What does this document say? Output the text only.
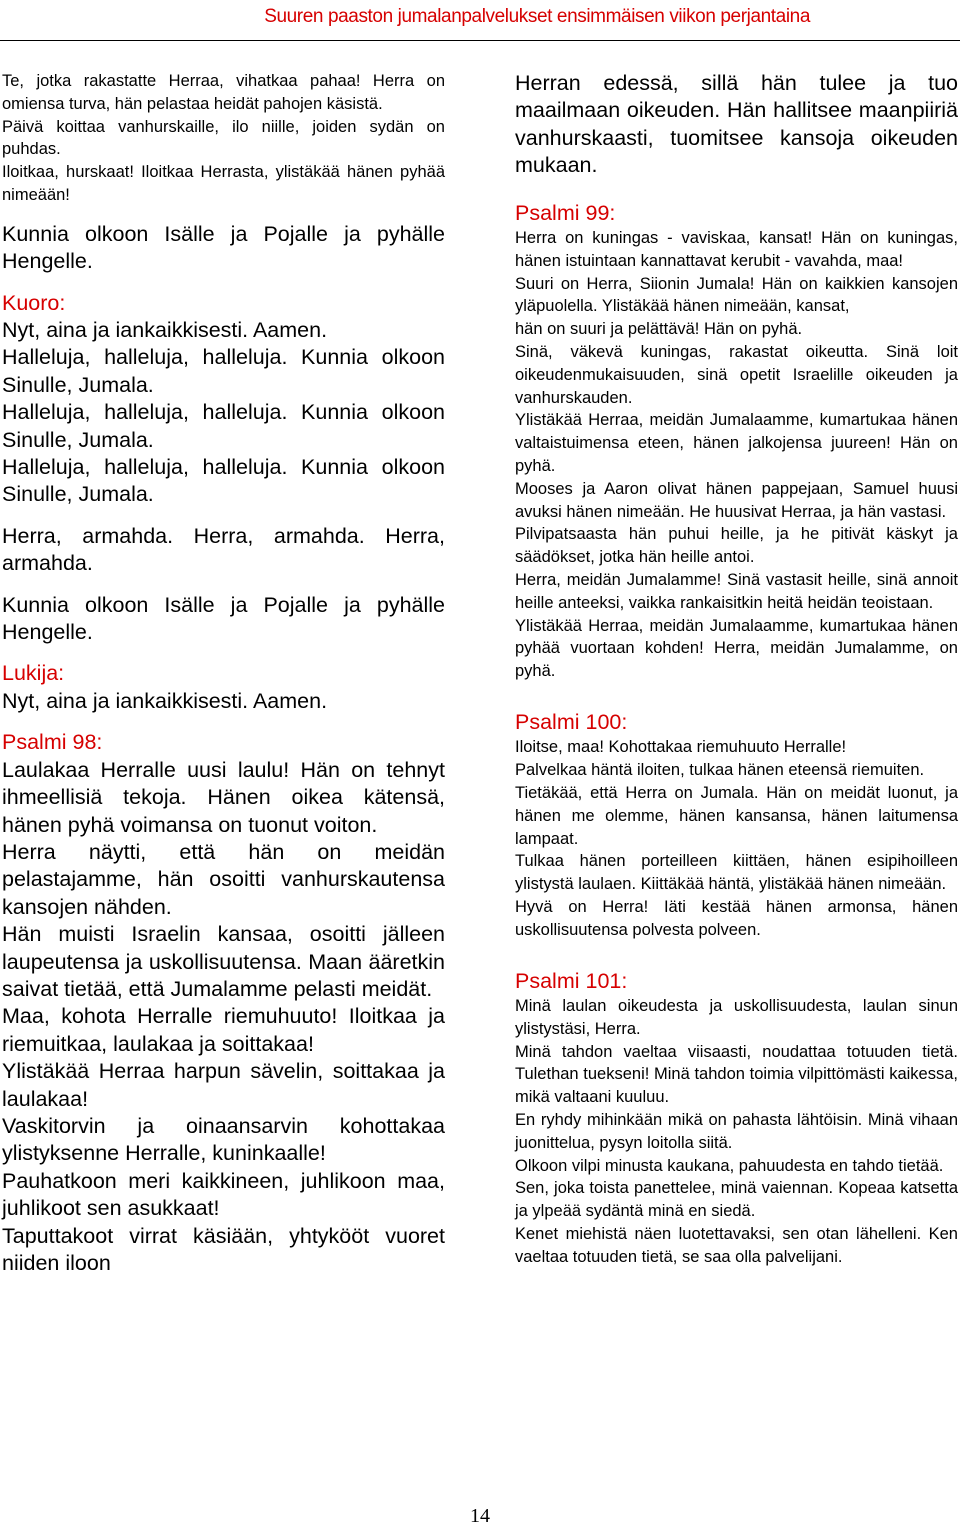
Suuren paaston jumalanpalvelukset ensimmäisen viikon perjantaina

Te, jotka rakastatte Herraa, vihatkaa pahaa! Herra on omiensa turva, hän pelastaa heidät pahojen käsistä.

Päivä koittaa vanhurskaille, ilo niille, joiden sydän on puhdas.

Iloitkaa, hurskaat! Iloitkaa Herrasta, ylistäkää hänen pyhää nimeään!

Kunnia olkoon Isälle ja Pojalle ja pyhälle Hengelle.

Kuoro:

Nyt, aina ja iankaikkisesti. Aamen.

Halleluja, halleluja, halleluja. Kunnia olkoon Sinulle, Jumala.

Halleluja, halleluja, halleluja. Kunnia olkoon Sinulle, Jumala.

Halleluja, halleluja, halleluja. Kunnia olkoon Sinulle, Jumala.

Herra, armahda. Herra, armahda. Herra, armahda.

Kunnia olkoon Isälle ja Pojalle ja pyhälle Hengelle.

Lukija:

Nyt, aina ja iankaikkisesti. Aamen.

Psalmi 98:

Laulakaa Herralle uusi laulu! Hän on tehnyt ihmeellisiä tekoja. Hänen oikea kätensä, hänen pyhä voimansa on tuonut voiton.

Herra näytti, että hän on meidän pelastajamme, hän osoitti vanhurskautensa kansojen nähden.

Hän muisti Israelin kansaa, osoitti jälleen laupeutensa ja uskollisuutensa. Maan ääretkin saivat tietää, että Jumalamme pelasti meidät.

Maa, kohota Herralle riemuhuuto! Iloitkaa ja riemuitkaa, laulakaa ja soittakaa!

Ylistäkää Herraa harpun sävelin, soittakaa ja laulakaa!

Vaskitorvin ja oinaansarvin kohottakaa ylistyksenne Herralle, kuninkaalle!

Pauhatkoon meri kaikkineen, juhlikoon maa, juhlikoot sen asukkaat!

Taputtakoot virrat käsiään, yhtykööt vuoret niiden iloon

Herran edessä, sillä hän tulee ja tuo maailmaan oikeuden. Hän hallitsee maanpiiriä vanhurskaasti, tuomitsee kansoja oikeuden mukaan.

Psalmi 99:

Herra on kuningas - vaviskaa, kansat! Hän on kuningas, hänen istuintaan kannattavat kerubit - vavahda, maa!

Suuri on Herra, Siionin Jumala! Hän on kaikkien kansojen yläpuolella. Ylistäkää hänen nimeään, kansat,

hän on suuri ja pelättävä! Hän on pyhä.

Sinä, väkevä kuningas, rakastat oikeutta. Sinä loit oikeudenmukaisuuden, sinä opetit Israelille oikeuden ja vanhurskauden.

Ylistäkää Herraa, meidän Jumalaamme, kumartukaa hänen valtaistuimensa eteen, hänen jalkojensa juureen! Hän on pyhä.

Mooses ja Aaron olivat hänen pappejaan, Samuel huusi avuksi hänen nimeään. He huusivat Herraa, ja hän vastasi.

Pilvipatsaasta hän puhui heille, ja he pitivät käskyt ja säädökset, jotka hän heille antoi.

Herra, meidän Jumalamme! Sinä vastasit heille, sinä annoit heille anteeksi, vaikka rankaisitkin heitä heidän teoistaan.

Ylistäkää Herraa, meidän Jumalaamme, kumartukaa hänen pyhää vuortaan kohden! Herra, meidän Jumalamme, on pyhä.

Psalmi 100:

Iloitse, maa! Kohottakaa riemuhuuto Herralle!

Palvelkaa häntä iloiten, tulkaa hänen eteensä riemuiten.

Tietäkää, että Herra on Jumala. Hän on meidät luonut, ja hänen me olemme, hänen kansansa, hänen laitumensa lampaat.

Tulkaa hänen porteilleen kiittäen, hänen esipihoilleen ylistystä laulaen. Kiittäkää häntä, ylistäkää hänen nimeään.

Hyvä on Herra! Iäti kestää hänen armonsa, hänen uskollisuutensa polvesta polveen.

Psalmi 101:

Minä laulan oikeudesta ja uskollisuudesta, laulan sinun ylistystäsi, Herra.

Minä tahdon vaeltaa viisaasti, noudattaa totuuden tietä. Tulethan tuekseni! Minä tahdon toimia vilpittömästi kaikessa, mikä valtaani kuuluu.

En ryhdy mihinkään mikä on pahasta lähtöisin. Minä vihaan juonittelua, pysyn loitolla siitä.

Olkoon vilpi minusta kaukana, pahuudesta en tahdo tietää.

Sen, joka toista panettelee, minä vaiennan. Kopeaa katsetta ja ylpeää sydäntä minä en siedä.

Kenet miehistä näen luotettavaksi, sen otan lähelleni. Ken vaeltaa totuuden tietä, se saa olla palvelijani.

14
